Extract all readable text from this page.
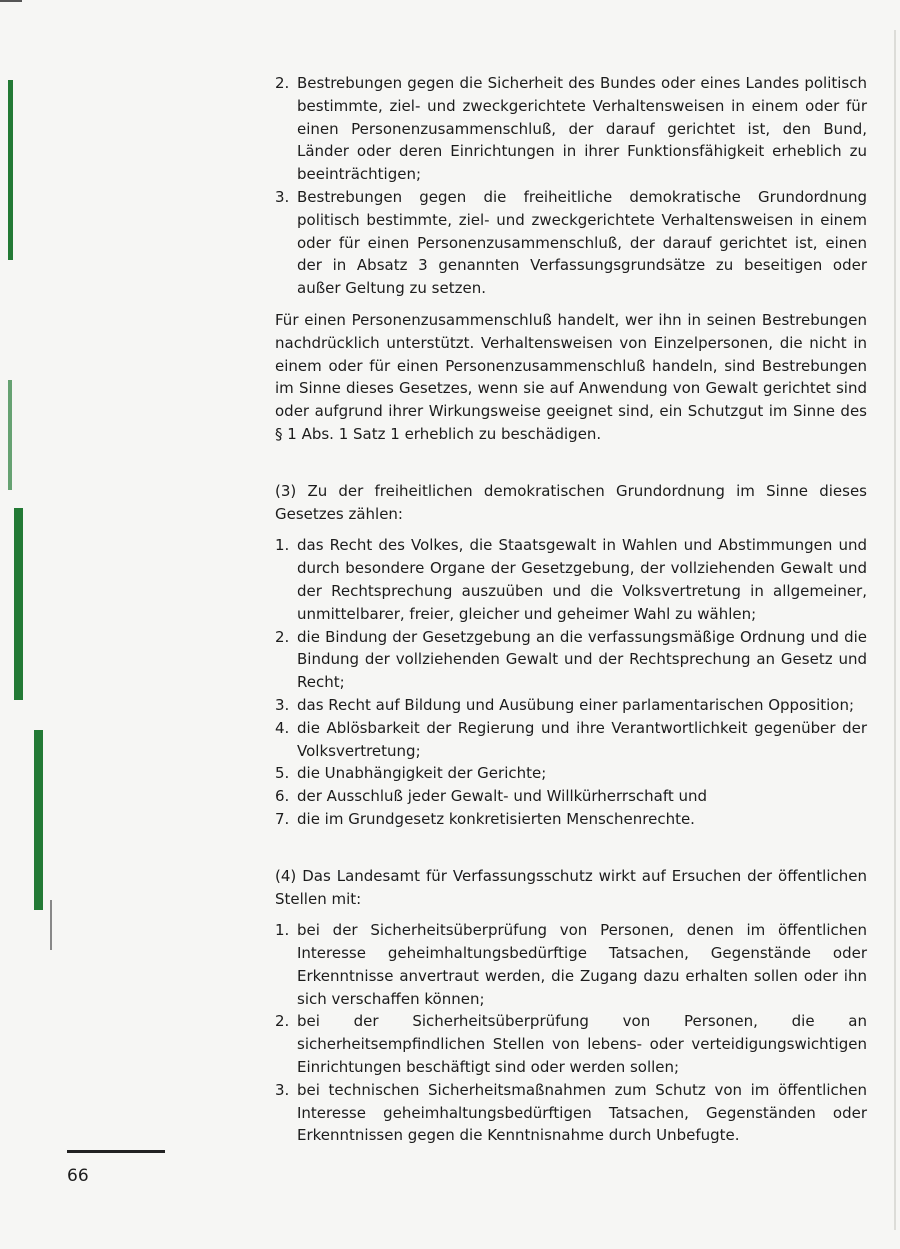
2. Bestrebungen gegen die Sicherheit des Bundes oder eines Landes politisch bestimmte, ziel- und zweckgerichtete Verhaltensweisen in einem oder für einen Personenzusammenschluß, der darauf gerichtet ist, den Bund, Länder oder deren Einrichtungen in ihrer Funktionsfähigkeit erheblich zu beeinträchtigen;
3. Bestrebungen gegen die freiheitliche demokratische Grundordnung politisch bestimmte, ziel- und zweckgerichtete Verhaltensweisen in einem oder für einen Personenzusammenschluß, der darauf gerichtet ist, einen der in Absatz 3 genannten Verfassungsgrundsätze zu beseitigen oder außer Geltung zu setzen.

Für einen Personenzusammenschluß handelt, wer ihn in seinen Bestrebungen nachdrücklich unterstützt. Verhaltensweisen von Einzelpersonen, die nicht in einem oder für einen Personenzusammenschluß handeln, sind Bestrebungen im Sinne dieses Gesetzes, wenn sie auf Anwendung von Gewalt gerichtet sind oder aufgrund ihrer Wirkungsweise geeignet sind, ein Schutzgut im Sinne des § 1 Abs. 1 Satz 1 erheblich zu beschädigen.

(3) Zu der freiheitlichen demokratischen Grundordnung im Sinne dieses Gesetzes zählen:

1. das Recht des Volkes, die Staatsgewalt in Wahlen und Abstimmungen und durch besondere Organe der Gesetzgebung, der vollziehenden Gewalt und der Rechtsprechung auszuüben und die Volksvertretung in allgemeiner, unmittelbarer, freier, gleicher und geheimer Wahl zu wählen;
2. die Bindung der Gesetzgebung an die verfassungsmäßige Ordnung und die Bindung der vollziehenden Gewalt und der Rechtsprechung an Gesetz und Recht;
3. das Recht auf Bildung und Ausübung einer parlamentarischen Opposition;
4. die Ablösbarkeit der Regierung und ihre Verantwortlichkeit gegenüber der Volksvertretung;
5. die Unabhängigkeit der Gerichte;
6. der Ausschluß jeder Gewalt- und Willkürherrschaft und
7. die im Grundgesetz konkretisierten Menschenrechte.

(4) Das Landesamt für Verfassungsschutz wirkt auf Ersuchen der öffentlichen Stellen mit:

1. bei der Sicherheitsüberprüfung von Personen, denen im öffentlichen Interesse geheimhaltungsbedürftige Tatsachen, Gegenstände oder Erkenntnisse anvertraut werden, die Zugang dazu erhalten sollen oder ihn sich verschaffen können;
2. bei der Sicherheitsüberprüfung von Personen, die an sicherheitsempfindlichen Stellen von lebens- oder verteidigungswichtigen Einrichtungen beschäftigt sind oder werden sollen;
3. bei technischen Sicherheitsmaßnahmen zum Schutz von im öffentlichen Interesse geheimhaltungsbedürftigen Tatsachen, Gegenständen oder Erkenntnissen gegen die Kenntnisnahme durch Unbefugte.
66
